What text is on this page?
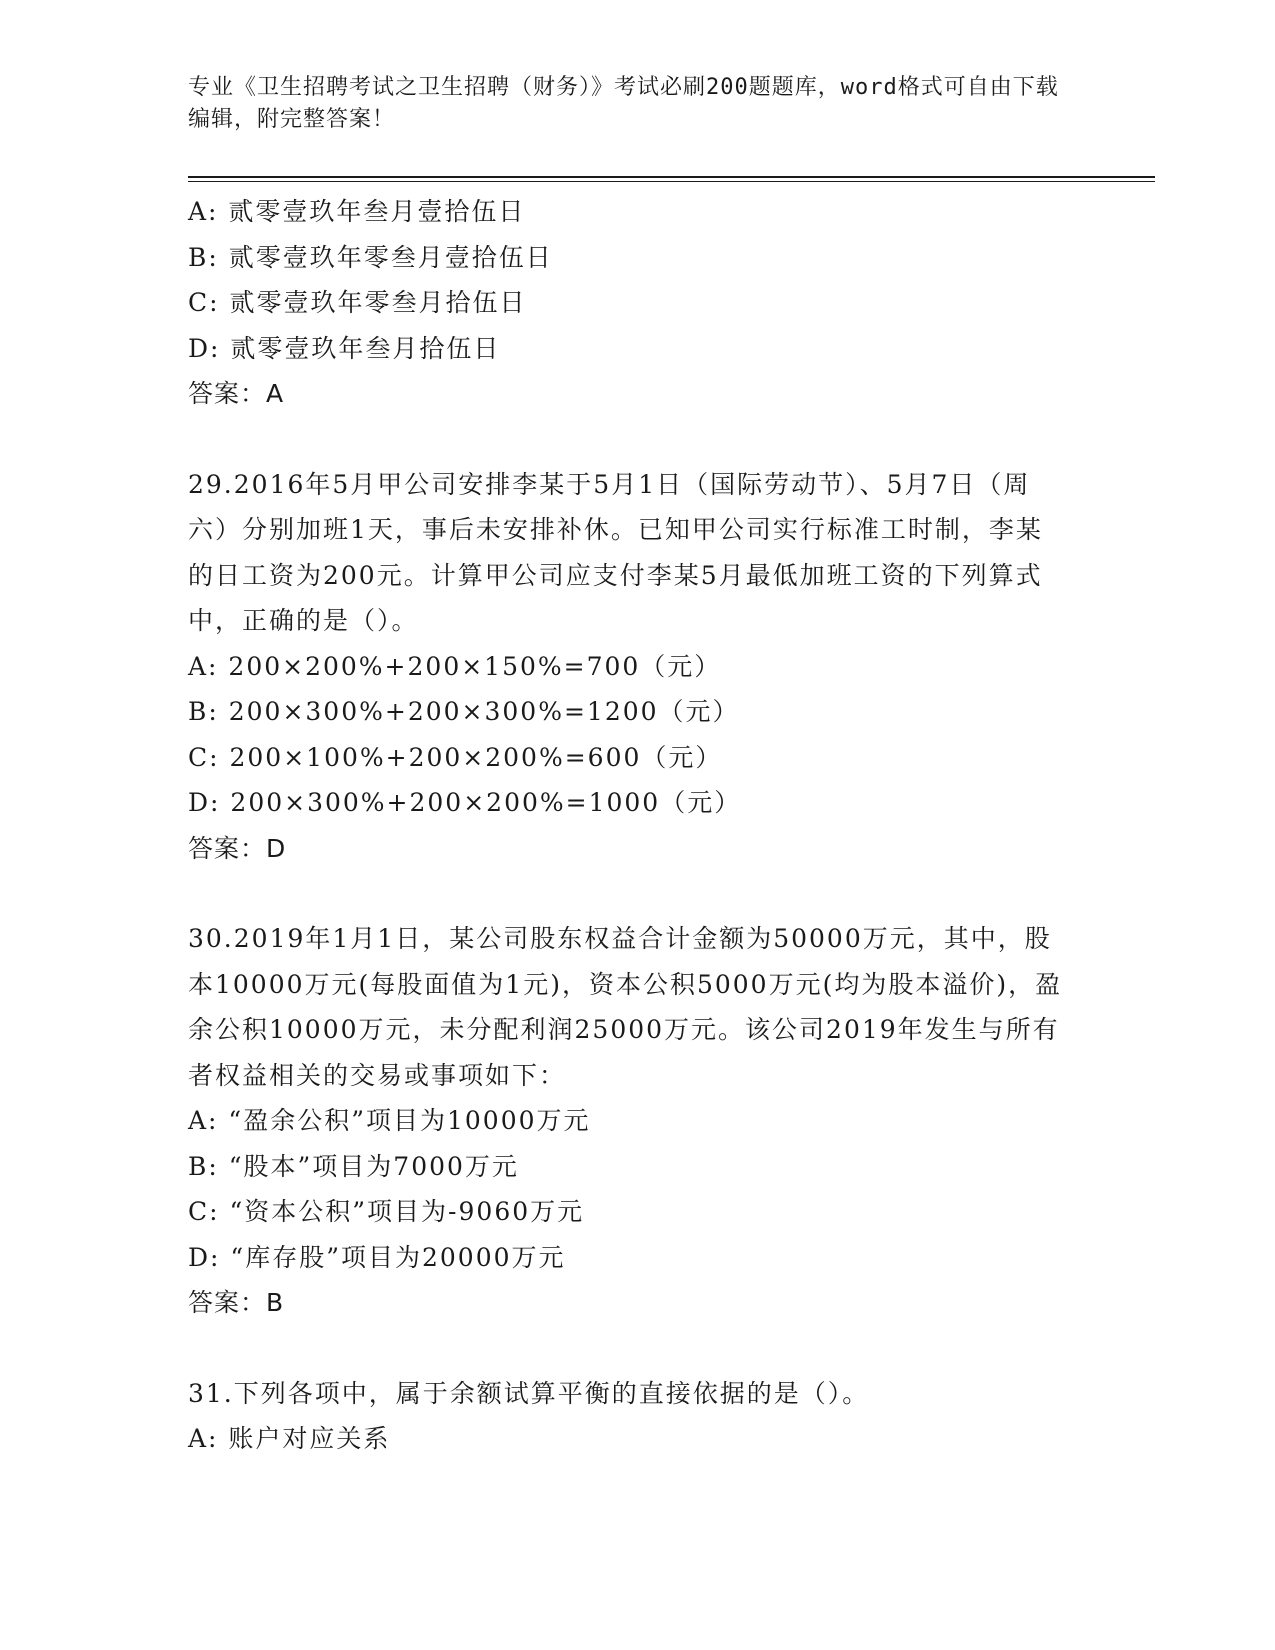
专业《卫生招聘考试之卫生招聘（财务）》考试必刷200题题库，word格式可自由下载编辑，附完整答案！
A: 贰零壹玖年叁月壹拾伍日
B: 贰零壹玖年零叁月壹拾伍日
C: 贰零壹玖年零叁月拾伍日
D: 贰零壹玖年叁月拾伍日
答案：A
29.2016年5月甲公司安排李某于5月1日（国际劳动节）、5月7日（周六）分别加班1天，事后未安排补休。已知甲公司实行标准工时制，李某的日工资为200元。计算甲公司应支付李某5月最低加班工资的下列算式中，正确的是（）。
A: 200×200%+200×150%=700（元）
B: 200×300%+200×300%=1200（元）
C: 200×100%+200×200%=600（元）
D: 200×300%+200×200%=1000（元）
答案：D
30.2019年1月1日，某公司股东权益合计金额为50000万元，其中，股本10000万元(每股面值为1元)，资本公积5000万元(均为股本溢价)，盈余公积10000万元，未分配利润25000万元。该公司2019年发生与所有者权益相关的交易或事项如下：
A: “盈余公积”项目为10000万元
B: “股本”项目为7000万元
C: “资本公积”项目为-9060万元
D: “库存股”项目为20000万元
答案：B
31.下列各项中，属于余额试算平衡的直接依据的是（）。
A: 账户对应关系
